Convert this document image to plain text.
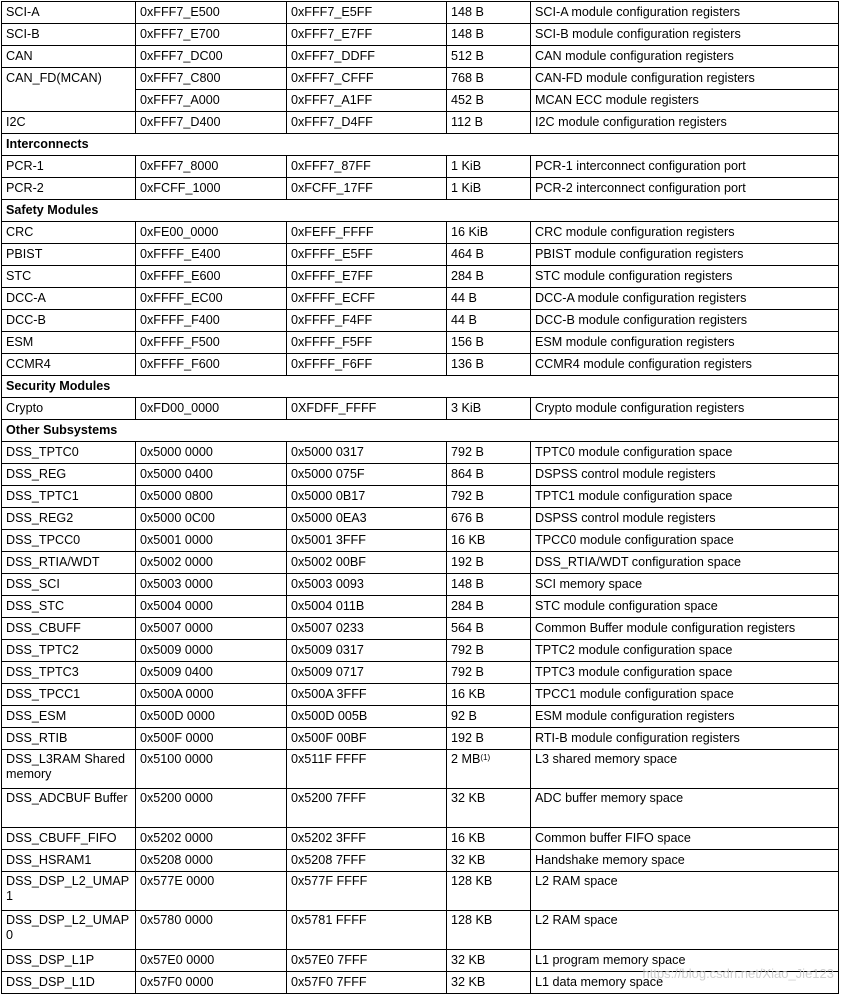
SCI-A	0xFFF7_E500	0xFFF7_E5FF	148 B	SCI-A module configuration registers
SCI-B	0xFFF7_E700	0xFFF7_E7FF	148 B	SCI-B module configuration registers
CAN	0xFFF7_DC00	0xFFF7_DDFF	512 B	CAN module configuration registers
CAN_FD(MCAN)	0xFFF7_C800	0xFFF7_CFFF	768 B	CAN-FD module configuration registers
	0xFFF7_A000	0xFFF7_A1FF	452 B	MCAN ECC module registers
I2C	0xFFF7_D400	0xFFF7_D4FF	112 B	I2C module configuration registers
Interconnects				
PCR-1	0xFFF7_8000	0xFFF7_87FF	1 KiB	PCR-1 interconnect configuration port
PCR-2	0xFCFF_1000	0xFCFF_17FF	1 KiB	PCR-2 interconnect configuration port
Safety Modules				
CRC	0xFE00_0000	0xFEFF_FFFF	16 KiB	CRC module configuration registers
PBIST	0xFFFF_E400	0xFFFF_E5FF	464 B	PBIST module configuration registers
STC	0xFFFF_E600	0xFFFF_E7FF	284 B	STC module configuration registers
DCC-A	0xFFFF_EC00	0xFFFF_ECFF	44 B	DCC-A module configuration registers
DCC-B	0xFFFF_F400	0xFFFF_F4FF	44 B	DCC-B module configuration registers
ESM	0xFFFF_F500	0xFFFF_F5FF	156 B	ESM module configuration registers
CCMR4	0xFFFF_F600	0xFFFF_F6FF	136 B	CCMR4 module configuration registers
Security Modules				
Crypto	0xFD00_0000	0XFDFF_FFFF	3 KiB	Crypto module configuration registers
Other Subsystems				
DSS_TPTC0	0x5000 0000	0x5000 0317	792 B	TPTC0 module configuration space
DSS_REG	0x5000 0400	0x5000 075F	864 B	DSPSS control module registers
DSS_TPTC1	0x5000 0800	0x5000 0B17	792 B	TPTC1 module configuration space
DSS_REG2	0x5000 0C00	0x5000 0EA3	676 B	DSPSS control module registers
DSS_TPCC0	0x5001 0000	0x5001 3FFF	16 KB	TPCC0 module configuration space
DSS_RTIA/WDT	0x5002 0000	0x5002 00BF	192 B	DSS_RTIA/WDT configuration space
DSS_SCI	0x5003 0000	0x5003 0093	148 B	SCI memory space
DSS_STC	0x5004 0000	0x5004 011B	284 B	STC module configuration space
DSS_CBUFF	0x5007 0000	0x5007 0233	564 B	Common Buffer module configuration registers
DSS_TPTC2	0x5009 0000	0x5009 0317	792 B	TPTC2 module configuration space
DSS_TPTC3	0x5009 0400	0x5009 0717	792 B	TPTC3 module configuration space
DSS_TPCC1	0x500A 0000	0x500A 3FFF	16 KB	TPCC1 module configuration space
DSS_ESM	0x500D 0000	0x500D 005B	92 B	ESM module configuration registers
DSS_RTIB	0x500F 0000	0x500F 00BF	192 B	RTI-B module configuration registers
DSS_L3RAM Shared memory	0x5100 0000	0x511F FFFF	2 MB$^{(1)}$	L3 shared memory space
DSS_ADCBUF Buffer	0x5200 0000	0x5200 7FFF	32 KB	ADC buffer memory space
DSS_CBUFF_FIFO	0x5202 0000	0x5202 3FFF	16 KB	Common buffer FIFO space
DSS_HSRAM1	0x5208 0000	0x5208 7FFF	32 KB	Handshake memory space
DSS_DSP_L2_UMAP1	0x577E 0000	0x577F FFFF	128 KB	L2 RAM space
DSS_DSP_L2_UMAP0	0x5780 0000	0x5781 FFFF	128 KB	L2 RAM space
DSS_DSP_L1P	0x57E0 0000	0x57E0 7FFF	32 KB	L1 program memory space
DSS_DSP_L1D	0x57F0 0000	0x57F0 7FFF	32 KB	L1 data memory space
https://blog.csdn.net/Xiao_Jie123
